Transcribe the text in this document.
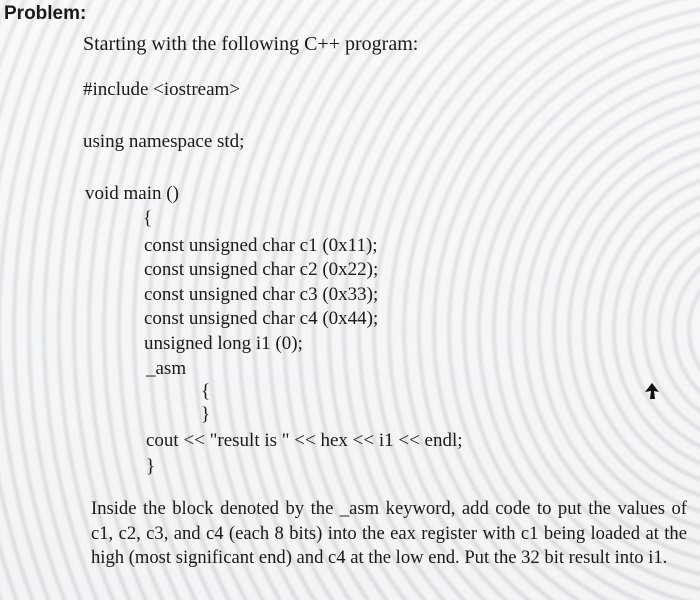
Problem:
Starting with the following C++ program:
#include <iostream>
using namespace std;
void main ()
{
const unsigned char c1 (0x11);
const unsigned char c2 (0x22);
const unsigned char c3 (0x33);
const unsigned char c4 (0x44);
unsigned long i1 (0);
_asm
{
}
cout << "result is " << hex << i1 << endl;
}
Inside the block denoted by the _asm keyword, add code to put the values of c1, c2, c3, and c4 (each 8 bits) into the eax register with c1 being loaded at the high (most significant end) and c4 at the low end. Put the 32 bit result into i1.
